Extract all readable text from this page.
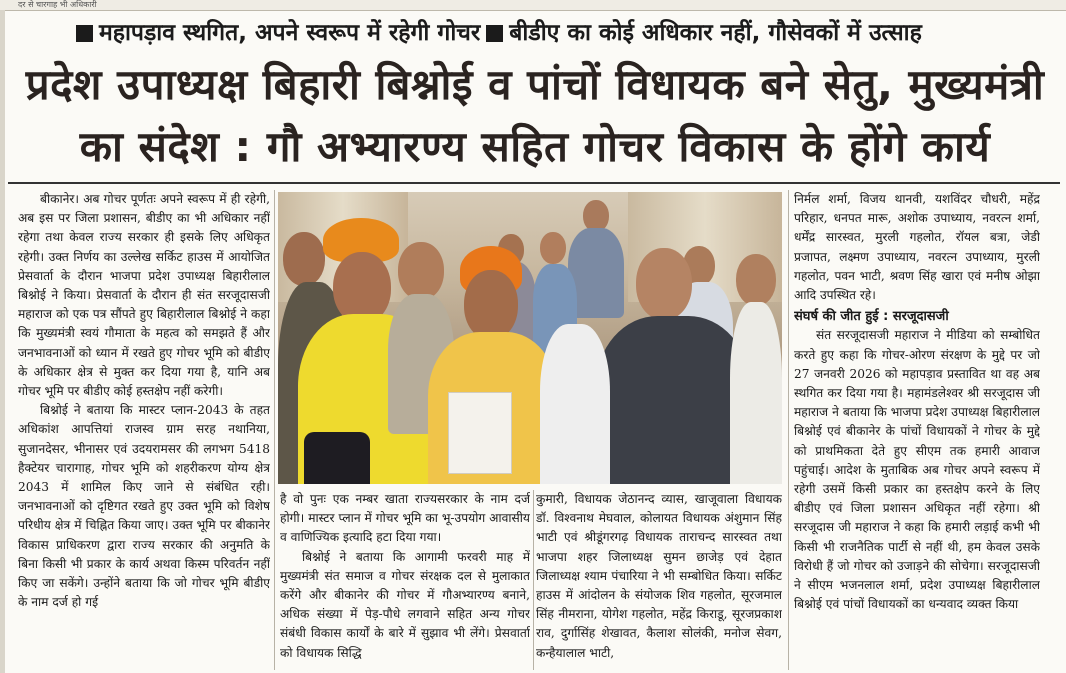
दर से चारगाह भी अधिकारी
महापड़ाव स्थगित, अपने स्वरूप में रहेगी गोचर बीडीए का कोई अधिकार नहीं, गौसेवकों में उत्साह
प्रदेश उपाध्यक्ष बिहारी बिश्नोई व पांचों विधायक बने सेतु, मुख्यमंत्री
का संदेश : गौ अभ्यारण्य सहित गोचर विकास के होंगे कार्य

बीकानेर। अब गोचर पूर्णतः अपने स्वरूप में ही रहेगी, अब इस पर जिला प्रशासन, बीडीए का भी अधिकार नहीं रहेगा तथा केवल राज्य सरकार ही इसके लिए अधिकृत रहेगी। उक्त निर्णय का उल्लेख सर्किट हाउस में आयोजित प्रेसवार्ता के दौरान भाजपा प्रदेश उपाध्यक्ष बिहारीलाल बिश्नोई ने किया। प्रेसवार्ता के दौरान ही संत सरजूदासजी महाराज को एक पत्र सौंपते हुए बिहारीलाल बिश्नोई ने कहा कि मुख्यमंत्री स्वयं गौमाता के महत्व को समझते हैं और जनभावनाओं को ध्यान में रखते हुए गोचर भूमि को बीडीए के अधिकार क्षेत्र से मुक्त कर दिया गया है, यानि अब गोचर भूमि पर बीडीए कोई हस्तक्षेप नहीं करेगी।

बिश्नोई ने बताया कि मास्टर प्लान-2043 के तहत अधिकांश आपत्तियां राजस्व ग्राम सरह नथानिया, सुजानदेसर, भीनासर एवं उदयरामसर की लगभग 5418 हैक्टेयर चारागाह, गोचर भूमि को शहरीकरण योग्य क्षेत्र 2043 में शामिल किए जाने से संबंधित रही। जनभावनाओं को दृष्टिगत रखते हुए उक्त भूमि को विशेष परिधीय क्षेत्र में चिह्नित किया जाए। उक्त भूमि पर बीकानेर विकास प्राधिकरण द्वारा राज्य सरकार की अनुमति के बिना किसी भी प्रकार के कार्य अथवा किस्म परिवर्तन नहीं किए जा सकेंगे। उन्होंने बताया कि जो गोचर भूमि बीडीए के नाम दर्ज हो गई

है वो पुनः एक नम्बर खाता राज्यसरकार के नाम दर्ज होगी। मास्टर प्लान में गोचर भूमि का भू-उपयोग आवासीय व वाणिज्यिक इत्यादि हटा दिया गया।

बिश्नोई ने बताया कि आगामी फरवरी माह में मुख्यमंत्री संत समाज व गोचर संरक्षक दल से मुलाकात करेंगे और बीकानेर की गोचर में गौअभ्यारण्य बनाने, अधिक संख्या में पेड़-पौधे लगवाने सहित अन्य गोचर संबंधी विकास कार्यों के बारे में सुझाव भी लेंगे। प्रेसवार्ता को विधायक सिद्धि

कुमारी, विधायक जेठानन्द व्यास, खाजूवाला विधायक डॉ. विश्वनाथ मेघवाल, कोलायत विधायक अंशुमान सिंह भाटी एवं श्रीडूंगरगढ़ विधायक ताराचन्द सारस्वत तथा भाजपा शहर जिलाध्यक्ष सुमन छाजेड़ एवं देहात जिलाध्यक्ष श्याम पंचारिया ने भी सम्बोधित किया। सर्किट हाउस में आंदोलन के संयोजक शिव गहलोत, सूरजमाल सिंह नीमराना, योगेश गहलोत, महेंद्र किराडू, सूरजप्रकाश राव, दुर्गासिंह शेखावत, कैलाश सोलंकी, मनोज सेवग, कन्हैयालाल भाटी,

निर्मल शर्मा, विजय थानवी, यशविंदर चौधरी, महेंद्र परिहार, धनपत मारू, अशोक उपाध्याय, नवरत्न शर्मा, धर्मेंद्र सारस्वत, मुरली गहलोत, रॉयल बत्रा, जेडी प्रजापत, लक्ष्मण उपाध्याय, नवरत्न उपाध्याय, मुरली गहलोत, पवन भाटी, श्रवण सिंह खारा एवं मनीष ओझा आदि उपस्थित रहे।

संघर्ष की जीत हुई : सरजूदासजी

संत सरजूदासजी महाराज ने मीडिया को सम्बोधित करते हुए कहा कि गोचर-ओरण संरक्षण के मुद्दे पर जो 27 जनवरी 2026 को महापड़ाव प्रस्तावित था वह अब स्थगित कर दिया गया है। महामंडलेश्वर श्री सरजूदास जी महाराज ने बताया कि भाजपा प्रदेश उपाध्यक्ष बिहारीलाल बिश्नोई एवं बीकानेर के पांचों विधायकों ने गोचर के मुद्दे को प्राथमिकता देते हुए सीएम तक हमारी आवाज पहुंचाई। आदेश के मुताबिक अब गोचर अपने स्वरूप में रहेगी उसमें किसी प्रकार का हस्तक्षेप करने के लिए बीडीए एवं जिला प्रशासन अधिकृत नहीं रहेगा। श्री सरजूदास जी महाराज ने कहा कि हमारी लड़ाई कभी भी किसी भी राजनैतिक पार्टी से नहीं थी, हम केवल उसके विरोधी हैं जो गोचर को उजाड़ने की सोचेगा। सरजूदासजी ने सीएम भजनलाल शर्मा, प्रदेश उपाध्यक्ष बिहारीलाल बिश्नोई एवं पांचों विधायकों का धन्यवाद व्यक्त किया
